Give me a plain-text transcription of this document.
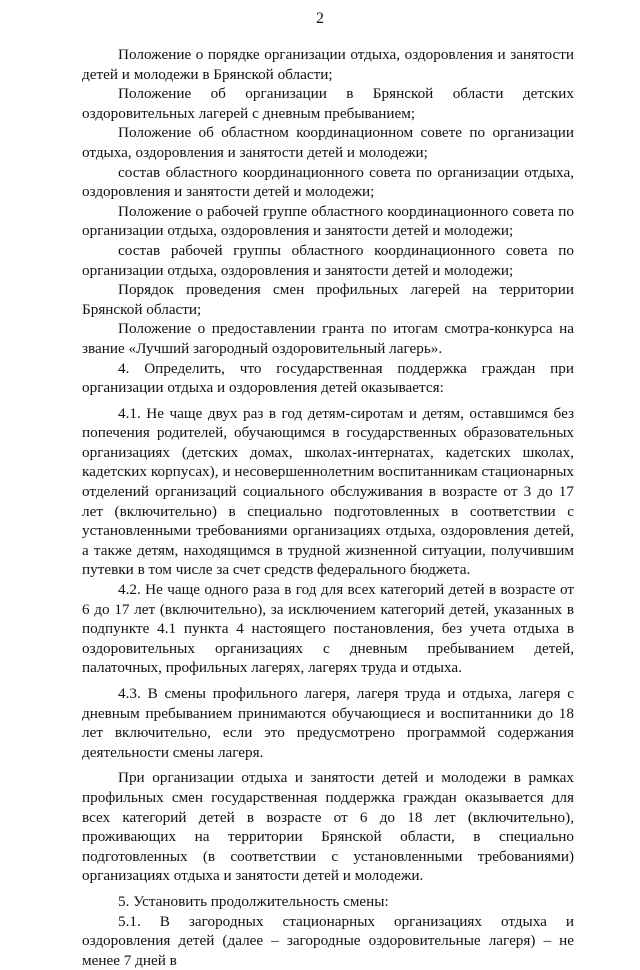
2

Положение о порядке организации отдыха, оздоровления и занятости детей и молодежи в Брянской области;

Положение об организации в Брянской области детских оздоровительных лагерей с дневным пребыванием;

Положение об областном координационном совете по организации отдыха, оздоровления и занятости детей и молодежи;

состав областного координационного совета по организации отдыха, оздоровления и занятости детей и молодежи;

Положение о рабочей группе областного координационного совета по организации отдыха, оздоровления и занятости детей и молодежи;

состав рабочей группы областного координационного совета по организации отдыха, оздоровления и занятости детей и молодежи;

Порядок проведения смен профильных лагерей на территории Брянской области;

Положение о предоставлении гранта по итогам смотра-конкурса на звание «Лучший загородный оздоровительный лагерь».

4. Определить, что государственная поддержка граждан при организации отдыха и оздоровления детей оказывается:

4.1. Не чаще двух раз в год детям-сиротам и детям, оставшимся без попечения родителей, обучающимся в государственных образовательных организациях (детских домах, школах-интернатах, кадетских школах, кадетских корпусах), и несовершеннолетним воспитанникам стационарных отделений организаций социального обслуживания в возрасте от 3 до 17 лет (включительно) в специально подготовленных в соответствии с установленными требованиями организациях отдыха, оздоровления детей, а также детям, находящимся в трудной жизненной ситуации, получившим путевки в том числе за счет средств федерального бюджета.

4.2. Не чаще одного раза в год для всех категорий детей в возрасте от 6 до 17 лет (включительно), за исключением категорий детей, указанных в подпункте 4.1 пункта 4 настоящего постановления, без учета отдыха в оздоровительных организациях с дневным пребыванием детей, палаточных, профильных лагерях, лагерях труда и отдыха.

4.3. В смены профильного лагеря, лагеря труда и отдыха, лагеря с дневным пребыванием принимаются обучающиеся и воспитанники до 18 лет включительно, если это предусмотрено программой содержания деятельности смены лагеря.

При организации отдыха и занятости детей и молодежи в рамках профильных смен государственная поддержка граждан оказывается для всех категорий детей в возрасте от 6 до 18 лет (включительно), проживающих на территории Брянской области, в специально подготовленных (в соответствии с установленными требованиями) организациях отдыха и занятости детей и молодежи.

5. Установить продолжительность смены:

5.1. В загородных стационарных организациях отдыха и оздоровления детей (далее – загородные оздоровительные лагеря) – не менее 7 дней в
